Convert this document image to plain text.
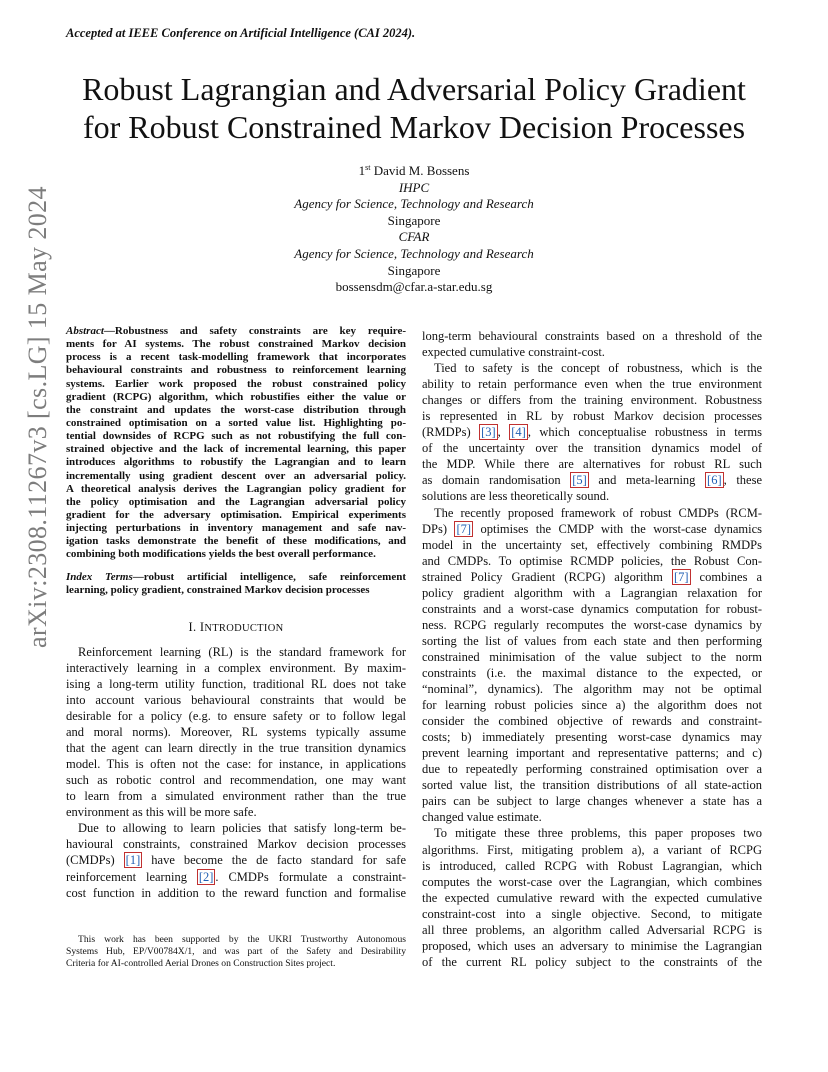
Accepted at IEEE Conference on Artificial Intelligence (CAI 2024).
Robust Lagrangian and Adversarial Policy Gradient
for Robust Constrained Markov Decision Processes
1st David M. Bossens
IHPC
Agency for Science, Technology and Research
Singapore
CFAR
Agency for Science, Technology and Research
Singapore
bossensdm@cfar.a-star.edu.sg
arXiv:2308.11267v3 [cs.LG] 15 May 2024 Abstract—Robustness and safety constraints are key require-
ments for AI systems. The robust constrained Markov decision
process is a recent task-modelling framework that incorporates
behavioural constraints and robustness to reinforcement learning
systems. Earlier work proposed the robust constrained policy
gradient (RCPG) algorithm, which robustifies either the value or
the constraint and updates the worst-case distribution through
constrained optimisation on a sorted value list. Highlighting po-
tential downsides of RCPG such as not robustifying the full con-
strained objective and the lack of incremental learning, this paper
introduces algorithms to robustify the Lagrangian and to learn
incrementally using gradient descent over an adversarial policy.
A theoretical analysis derives the Lagrangian policy gradient for
the policy optimisation and the Lagrangian adversarial policy
gradient for the adversary optimisation. Empirical experiments
injecting perturbations in inventory management and safe nav-
igation tasks demonstrate the benefit of these modifications, and
combining both modifications yields the best overall performance.
Index Terms—robust artificial intelligence, safe reinforcement
learning, policy gradient, constrained Markov decision processes
I. INTRODUCTION
Reinforcement learning (RL) is the standard framework for
interactively learning in a complex environment. By maxim-
ising a long-term utility function, traditional RL does not take
into account various behavioural constraints that would be
desirable for a policy (e.g. to ensure safety or to follow legal
and moral norms). Moreover, RL systems typically assume
that the agent can learn directly in the true transition dynamics
model. This is often not the case: for instance, in applications
such as robotic control and recommendation, one may want
to learn from a simulated environment rather than the true
environment as this will be more safe.
Due to allowing to learn policies that satisfy long-term be-
havioural constraints, constrained Markov decision processes
(CMDPs) [1] have become the de facto standard for safe
reinforcement learning [2] . CMDPs formulate a constraint-
cost function in addition to the reward function and formalise
This work has been supported by the UKRI Trustworthy Autonomous
Systems Hub, EP/V00784X/1, and was part of the Safety and Desirability
Criteria for AI-controlled Aerial Drones on Construction Sites project.
long-term behavioural constraints based on a threshold of the
expected cumulative constraint-cost.
Tied to safety is the concept of robustness, which is the
ability to retain performance even when the true environment
changes or differs from the training environment. Robustness
is represented in RL by robust Markov decision processes
(RMDPs) [3] , [4] , which conceptualise robustness in terms
of the uncertainty over the transition dynamics model of
the MDP. While there are alternatives for robust RL such
as domain randomisation [5] and meta-learning [6] , these
solutions are less theoretically sound.
The recently proposed framework of robust CMDPs (RCM-
DPs) [7] optimises the CMDP with the worst-case dynamics
model in the uncertainty set, effectively combining RMDPs
and CMDPs. To optimise RCMDP policies, the Robust Con-
strained Policy Gradient (RCPG) algorithm [7] combines a
policy gradient algorithm with a Lagrangian relaxation for
constraints and a worst-case dynamics computation for robust-
ness. RCPG regularly recomputes the worst-case dynamics by
sorting the list of values from each state and then performing
constrained minimisation of the value subject to the norm
constraints (i.e. the maximal distance to the expected, or
“nominal”, dynamics). The algorithm may not be optimal
for learning robust policies since a) the algorithm does not
consider the combined objective of rewards and constraint-
costs; b) immediately presenting worst-case dynamics may
prevent learning important and representative patterns; and c)
due to repeatedly performing constrained optimisation over a
sorted value list, the transition distributions of all state-action
pairs can be subject to large changes whenever a state has a
changed value estimate.
To mitigate these three problems, this paper proposes two
algorithms. First, mitigating problem a), a variant of RCPG
is introduced, called RCPG with Robust Lagrangian, which
computes the worst-case over the Lagrangian, which combines
the expected cumulative reward with the expected cumulative
constraint-cost into a single objective. Second, to mitigate
all three problems, an algorithm called Adversarial RCPG is
proposed, which uses an adversary to minimise the Lagrangian
of the current RL policy subject to the constraints of the
